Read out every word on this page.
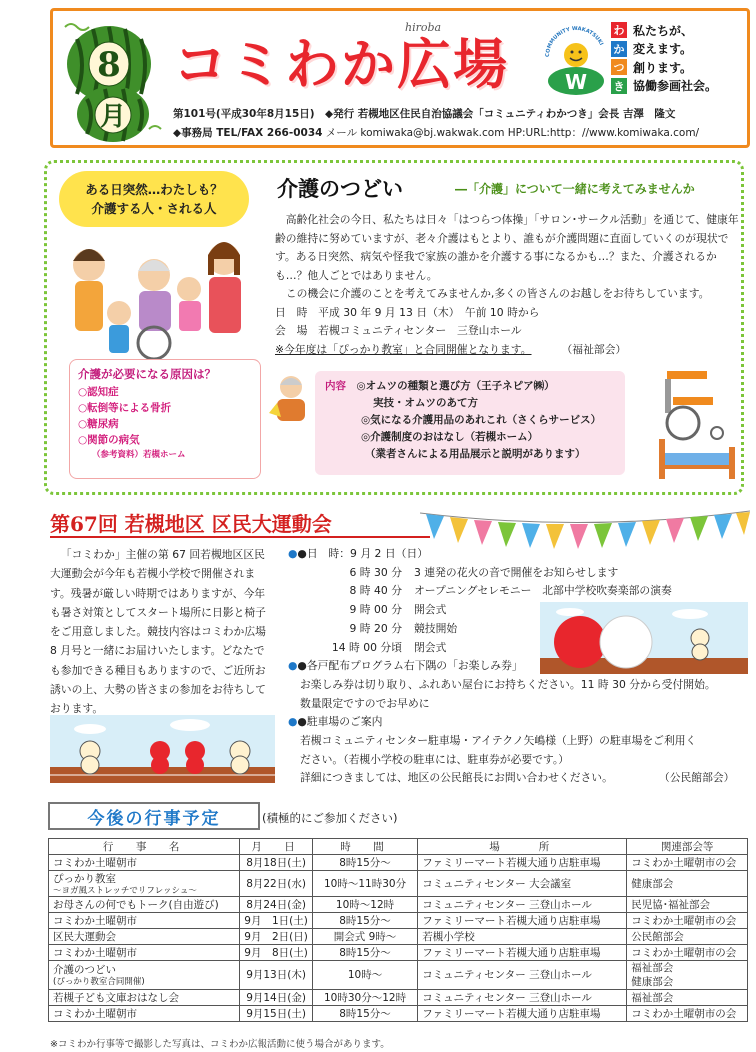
8
月
コミわか広場
hiroba
COMMUNITY WAKATSUKI
W
わ 私たちが、
か 変えます。
つ 創ります。
き 協働参画社会。
第101号(平成30年8月15日)　◆発行 若槻地区住民自治協議会「コミュニティわかつき」会長 吉澤　隆文
◆事務局 TEL/FAX 266-0034 メール komiwaka@bj.wakwak.com HP:URL:http：//www.komiwaka.com/
ある日突然…わたしも？
介護する人・される人
介護が必要になる原因は？
○認知症
○転倒等による骨折
○糖尿病
○関節の病気
（参考資料）若槻ホーム
介護のつどい	―「介護」について一緒に考えてみませんか

高齢化社会の今日、私たちは日々「はつらつ体操」「サロン･サークル活動」を通じて、健康年齢の維持に努めていますが、老々介護はもとより、誰もが介護問題に直面していくのが現状です。ある日突然、病気や怪我で家族の誰かを介護する事になるかも…？また、介護されるかも…？他人ごとではありません。

この機会に介護のことを考えてみませんか,多くの皆さんのお越しをお待ちしています。

日　時　平成 30 年 9 月 13 日（木）　午前 10 時から
会　場　若槻コミュニティセンター　三登山ホール
※今年度は「ぴっかり教室」と合同開催となります。	（福祉部会）
内容　 ◎オムツの種類と選び方（王子ネピア㈱）
実技・オムツのあて方
◎気になる介護用品のあれこれ（さくらサービス）
◎介護制度のおはなし（若槻ホーム）
（業者さんによる用品展示と説明があります）
第67回 若槻地区 区民大運動会

「コミわか」主催の第 67 回若槻地区区民大運動会が今年も若槻小学校で開催されます。残暑が厳しい時期ではありますが、今年も暑さ対策としてスタート場所に日影と椅子をご用意しました。競技内容はコミわか広場 8 月号と一緒にお届けいたします。どなたでも参加できる種目もありますので、ご近所お誘いの上、大勢の皆さまの参加をお待ちしております。

●●日　時：9 月 2 日（日）
6 時 30 分	3 連発の花火の音で開催をお知らせします
8 時 40 分	オープニングセレモニー　北部中学校吹奏楽部の演奏
9 時 00 分	開会式
9 時 20 分	競技開始
14 時 00 分頃	閉会式
●●各戸配布プログラム右下隅の「お楽しみ券」
お楽しみ券は切り取り、ふれあい屋台にお持ちください。11 時 30 分から受付開始。
数量限定ですのでお早めに
●●駐車場のご案内
若槻コミュニティセンター駐車場・アイテクノ矢嶋様（上野）の駐車場をご利用く
ださい。（若槻小学校の駐車には、駐車券が必要です。）
詳細につきましては、地区の公民館長にお問い合わせください。	（公民館部会）
今後の行事予定	(積極的にご参加ください)
行　事　名	月　日	時　間	場　　所	関連部会等
コミわか土曜朝市	8月18日(土)	8時15分～	ファミリーマート若槻大通り店駐車場	コミわか土曜朝市の会
ぴっかり教室
～ヨガ風ストレッチでリフレッシュ～	8月22日(水)	10時～11時30分	コミュニティセンター 大会議室	健康部会
お母さんの何でもトーク(自由遊び)	8月24日(金)	10時～12時	コミュニティセンター 三登山ホール	民児協･福祉部会
コミわか土曜朝市	9月　1日(土)	8時15分～	ファミリーマート若槻大通り店駐車場	コミわか土曜朝市の会
区民大運動会	9月　2日(日)	開会式 9時～	若槻小学校	公民館部会
コミわか土曜朝市	9月　8日(土)	8時15分～	ファミリーマート若槻大通り店駐車場	コミわか土曜朝市の会
介護のつどい
(ぴっかり教室合同開催)	9月13日(木)	10時～	コミュニティセンター 三登山ホール	福祉部会
健康部会
若槻子ども文庫おはなし会	9月14日(金)	10時30分～12時	コミュニティセンター 三登山ホール	福祉部会
コミわか土曜朝市	9月15日(土)	8時15分～	ファミリーマート若槻大通り店駐車場	コミわか土曜朝市の会
※コミわか行事等で撮影した写真は、コミわか広報活動に使う場合があります。
